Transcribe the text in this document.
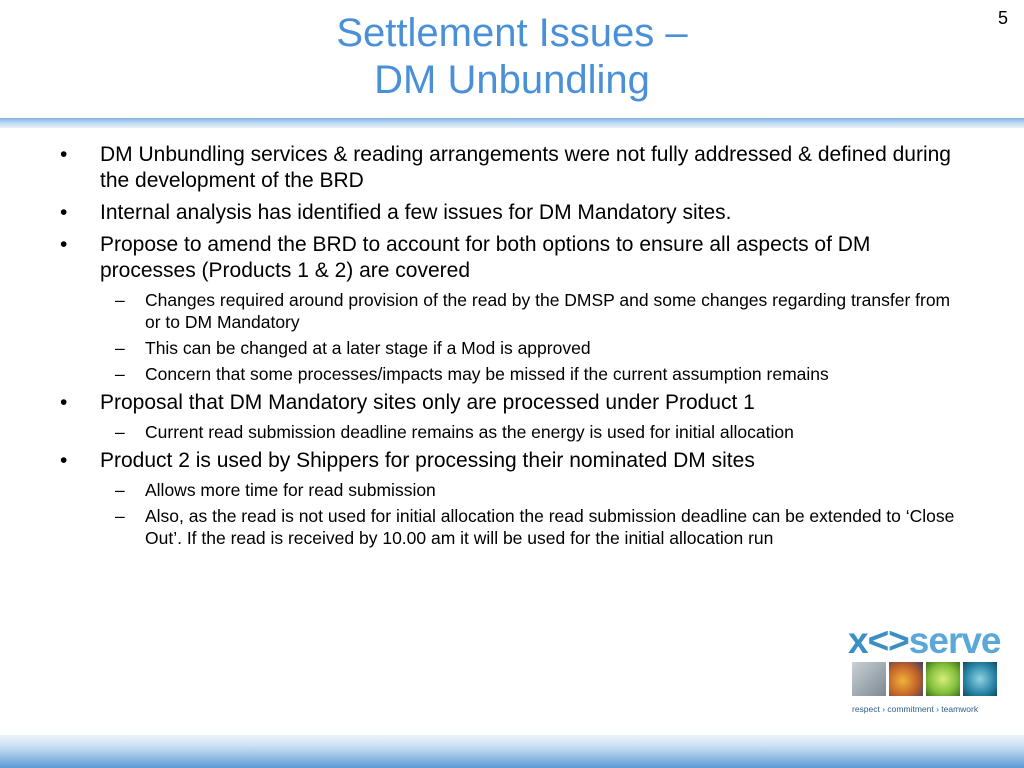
5
Settlement Issues –
DM Unbundling
• DM Unbundling services & reading arrangements were not fully addressed & defined during the development of the BRD
• Internal analysis has identified a few issues for DM Mandatory sites.
• Propose to amend the BRD to account for both options to ensure all aspects of DM processes (Products 1 & 2) are covered
– Changes required around provision of the read by the DMSP and some changes regarding transfer from or to DM Mandatory
– This can be changed at a later stage if a Mod is approved
– Concern that some processes/impacts may be missed if the current assumption remains
• Proposal that DM Mandatory sites only are processed under Product 1
– Current read submission deadline remains as the energy is used for initial allocation
• Product 2 is used by Shippers for processing their nominated DM sites
– Allows more time for read submission
– Also, as the read is not used for initial allocation the read submission deadline can be extended to ‘Close Out’. If the read is received by 10.00 am it will be used for the initial allocation run
x<>serve
respect › commitment › teamwork
